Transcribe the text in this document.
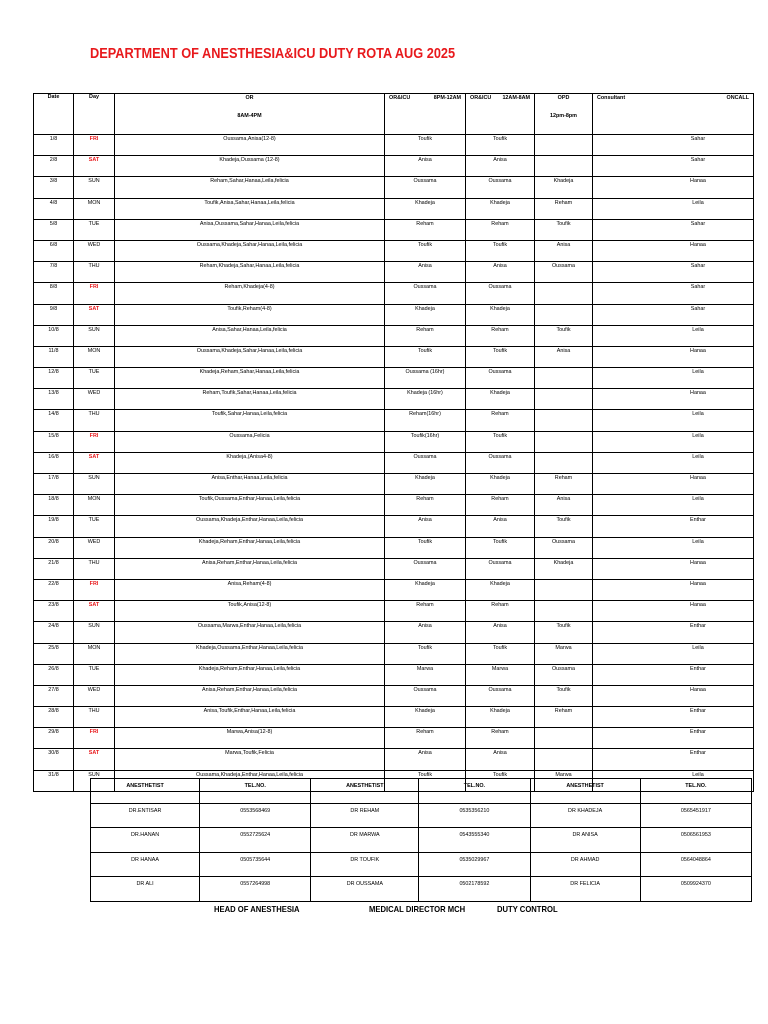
DEPARTMENT OF ANESTHESIA&ICU DUTY ROTA AUG 2025
Date	Day	OR
8AM-4PM	OR&ICU 8PM-12AM	OR&ICU 12AM-8AM	OPD
12pm-8pm	Consultant ONCALL

1/8	FRI	Oussama,Anisa(12-8)	Toufik	Toufik		Sahar
2/8	SAT	Khadeja,Oussama (12-8)	Anisa	Anisa		Sahar
3/8	SUN	Reham,Sahar,Hanaa,Leila,felicia	Oussama	Oussama	Khadeja	Hanaa
4/8	MON	Toufik,Anisa,Sahar,Hanaa,Leila,felicia	Khadeja	Khadeja	Reham	Leila
5/8	TUE	Anisa,Oussama,Sahar,Hanaa,Leila,felicia	Reham	Reham	Toufik	Sahar
6/8	WED	Oussama,Khadeja,Sahar,Hanaa,Leila,felicia	Toufik	Toufik	Anisa	Hanaa
7/8	THU	Reham,Khadeja,Sahar,Hanaa,Leila,felicia	Anisa	Anisa	Oussama	Sahar
8/8	FRI	Reham,Khadeja(4-8)	Oussama	Oussama		Sahar
9/8	SAT	Toufik,Reham(4-8)	Khadeja	Khadeja		Sahar
10/8	SUN	Anisa,Sahar,Hanaa,Leila,felicia	Reham	Reham	Toufik	Leila
11/8	MON	Oussama,Khadeja,Sahar,Hanaa,Leila,felicia	Toufik	Toufik	Anisa	Hanaa
12/8	TUE	Khadeja,Reham,Sahar,Hanaa,Leila,felicia	Oussama (16hr)	Oussama		Leila
13/8	WED	Reham,Toufik,Sahar,Hanaa,Leila,felicia	Khadeja (16hr)	Khadeja		Hanaa
14/8	THU	Toufik,Sahar,Hanaa,Leila,felicia	Reham(16hr)	Reham		Leila
15/8	FRI	Oussama,Felicia	Toufik(16hr)	Toufik		Leila
16/8	SAT	Khadeja,(Anisa4-8)	Oussama	Oussama		Leila
17/8	SUN	Anisa,Enthar,Hanaa,Leila,felicia	Khadeja	Khadeja	Reham	Hanaa
18/8	MON	Toufik,Oussama,Enthar,Hanaa,Leila,felicia	Reham	Reham	Anisa	Leila
19/8	TUE	Oussama,Khadeja,Enthar,Hanaa,Leila,felicia	Anisa	Anisa	Toufik	Enthar
20/8	WED	Khadeja,Reham,Enthar,Hanaa,Leila,felicia	Toufik	Toufik	Oussama	Leila
21/8	THU	Anisa,Reham,Enthar,Hanaa,Leila,felicia	Oussama	Oussama	Khadeja	Hanaa
22/8	FRI	Anisa,Reham(4-8)	Khadeja	Khadeja		Hanaa
23/8	SAT	Toufik,Anisa(12-8)	Reham	Reham		Hanaa
24/8	SUN	Oussama,Marwa,Enthar,Hanaa,Leila,felicia	Anisa	Anisa	Toufik	Enthar
25/8	MON	Khadeja,Oussama,Enthar,Hanaa,Leila,felicia	Toufik	Toufik	Marwa	Leila
26/8	TUE	Khadeja,Reham,Enthar,Hanaa,Leila,felicia	Marwa	Marwa	Oussama	Enthar
27/8	WED	Anisa,Reham,Enthar,Hanaa,Leila,felicia	Oussama	Oussama	Toufik	Hanaa
28/8	THU	Anisa,Toufik,Enthar,Hanaa,Leila,felicia	Khadeja	Khadeja	Reham	Enthar
29/8	FRI	Marwa,Anisa(12-8)	Reham	Reham		Enthar
30/8	SAT	Marwa,Toufik,Felicia	Anisa	Anisa		Enthar
31/8	SUN	Oussama,Khadeja,Enthar,Hanaa,Leila,felicia	Toufik	Toufik	Marwa	Leila
ANESTHETIST	TEL.NO.	ANESTHETIST	TEL.NO.	ANESTHETIST	TEL.NO.
DR.ENTISAR	0553568469	DR REHAM	0535356210	DR KHADEJA	0565451917
DR.HANAN	0552725624	DR MARWA	0543555340	DR ANISA	0506561953
DR HANAA	0505735644	DR TOUFIK	0535029967	DR AHMAD	0564048864
DR ALI	0557264998	DR OUSSAMA	0502178592	DR FELICIA	0509924370
HEAD OF ANESTHESIA	MEDICAL DIRECTOR MCH	DUTY CONTROL
